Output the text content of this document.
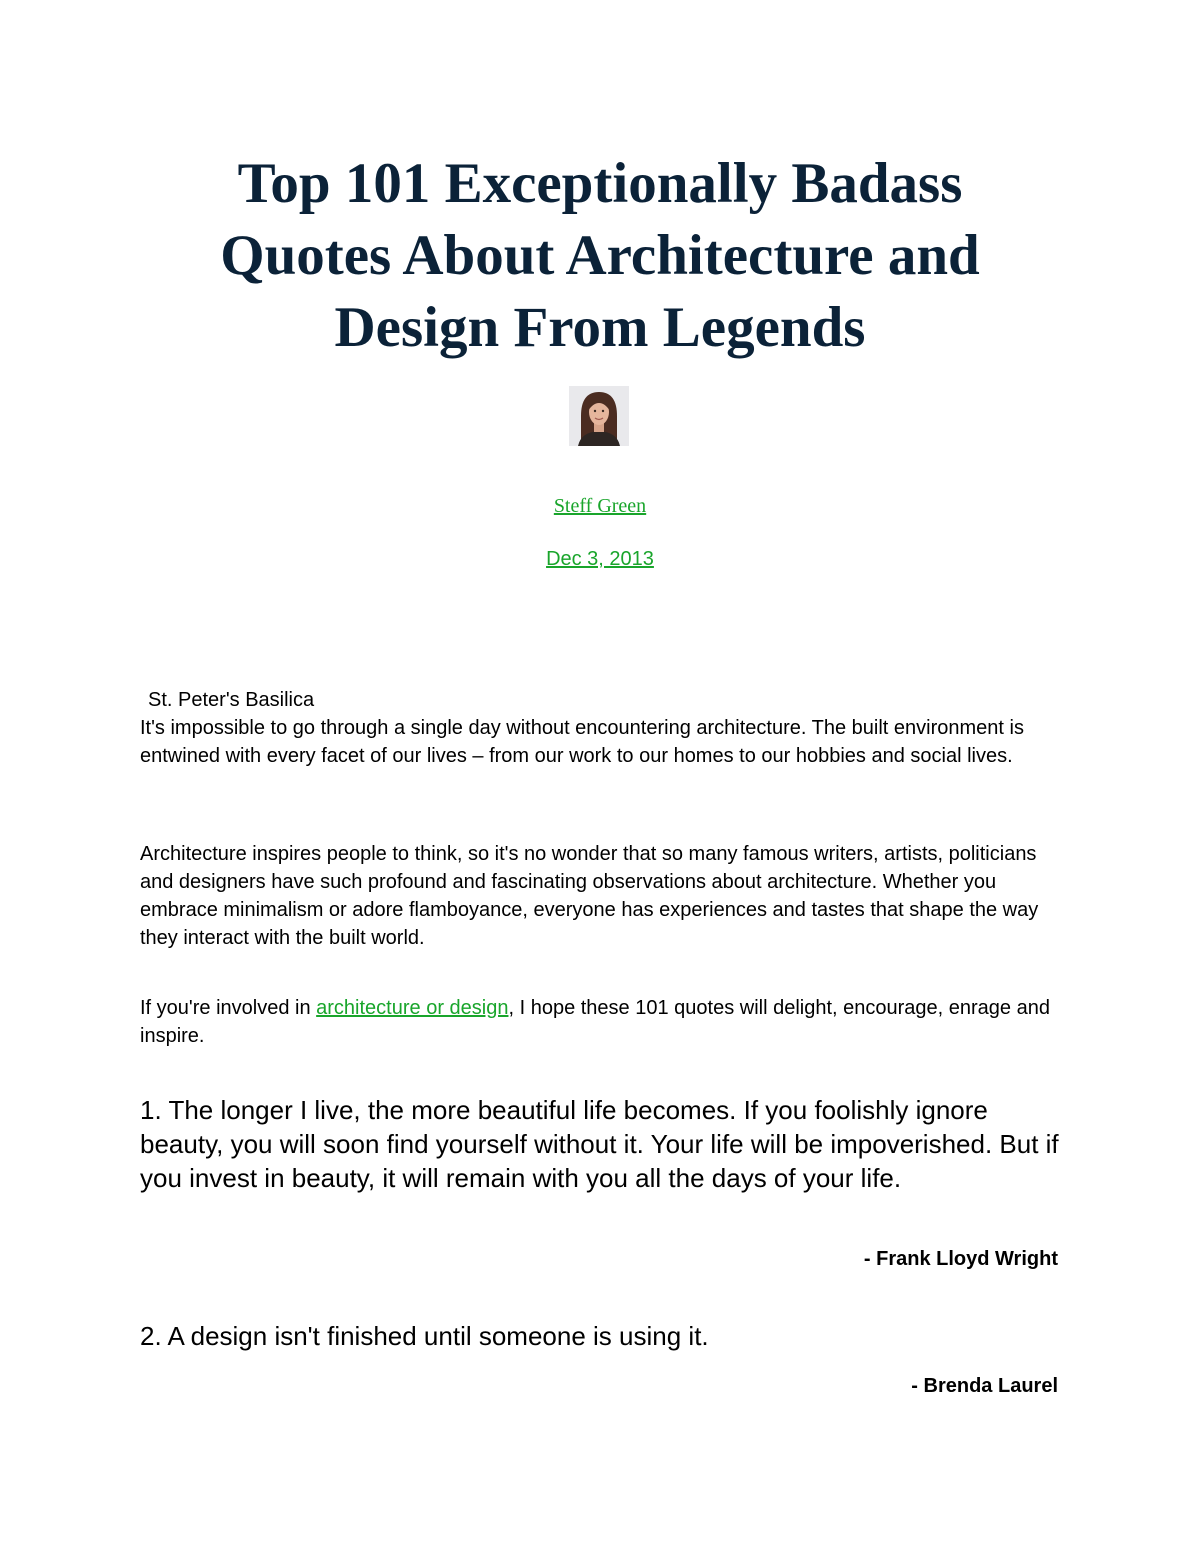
Top 101 Exceptionally Badass Quotes About Architecture and Design From Legends
Steff Green
Dec 3, 2013
St. Peter's Basilica
It's impossible to go through a single day without encountering architecture. The built environment is entwined with every facet of our lives – from our work to our homes to our hobbies and social lives.

Architecture inspires people to think, so it's no wonder that so many famous writers, artists, politicians and designers have such profound and fascinating observations about architecture. Whether you embrace minimalism or adore flamboyance, everyone has experiences and tastes that shape the way they interact with the built world.

If you're involved in architecture or design, I hope these 101 quotes will delight, encourage, enrage and inspire.

1. The longer I live, the more beautiful life becomes. If you foolishly ignore beauty, you will soon find yourself without it. Your life will be impoverished. But if you invest in beauty, it will remain with you all the days of your life.

- Frank Lloyd Wright

2. A design isn't finished until someone is using it.

- Brenda Laurel
